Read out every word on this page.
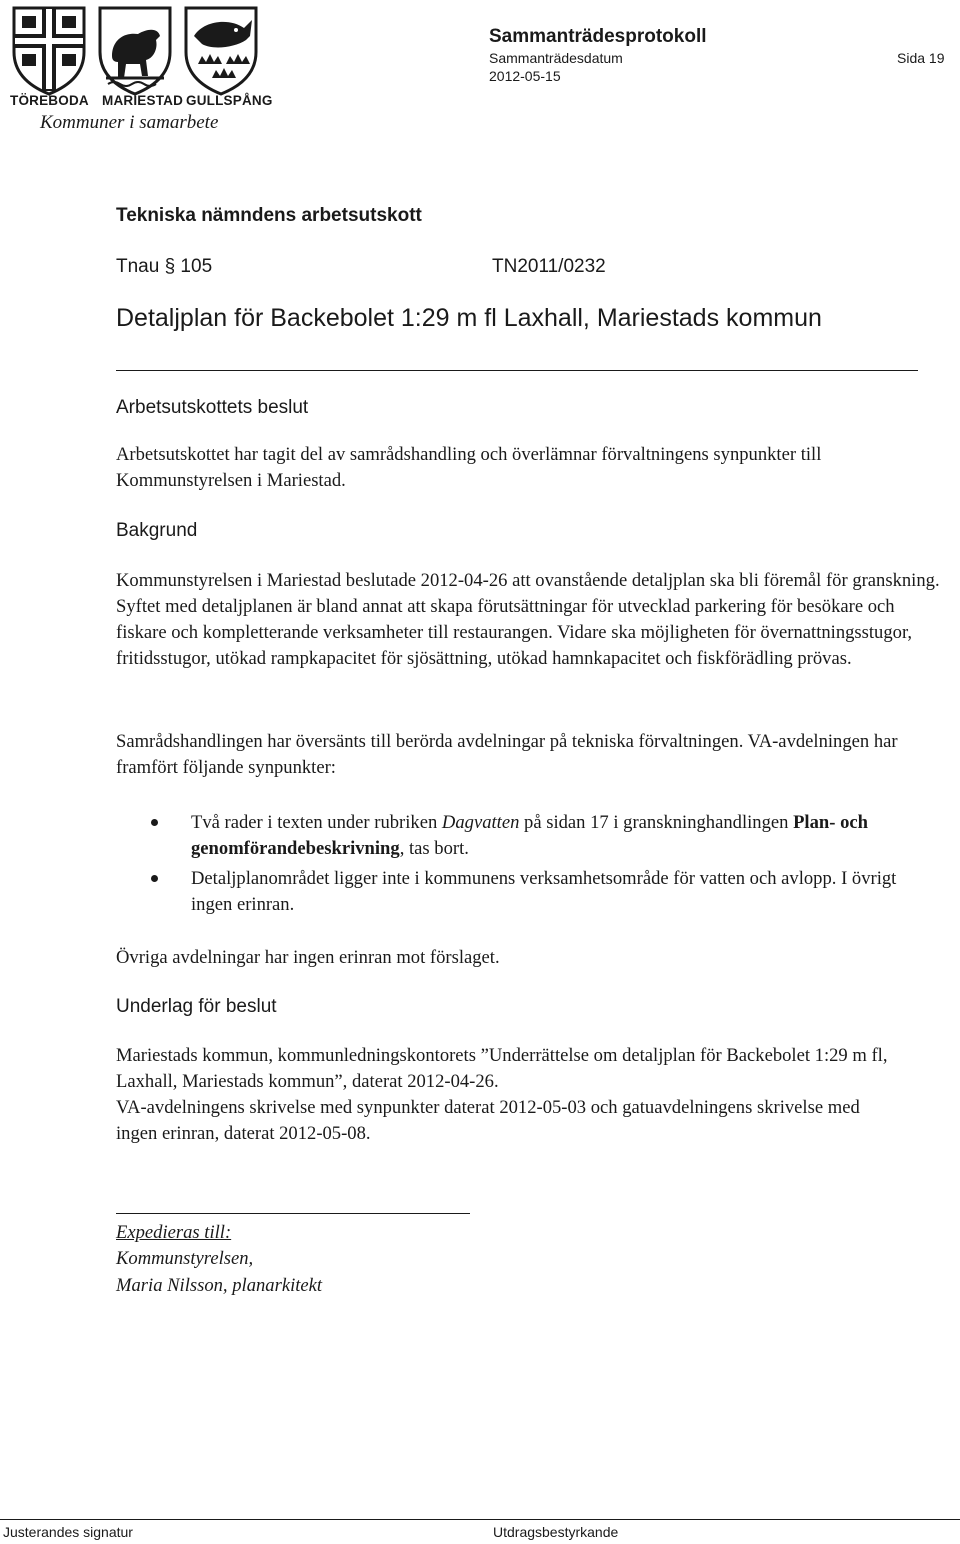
TÖREBODA MARIESTAD GULLSPÅNG
Kommuner i samarbete
Sammanträdesprotokoll
Sammanträdesdatum
2012-05-15
Sida 19
Tekniska nämndens arbetsutskott
Tnau § 105	TN2011/0232
Detaljplan för Backebolet 1:29 m fl Laxhall, Mariestads kommun
Arbetsutskottets beslut
Arbetsutskottet har tagit del av samrådshandling och överlämnar förvaltningens synpunkter till Kommunstyrelsen i Mariestad.
Bakgrund
Kommunstyrelsen i Mariestad beslutade 2012-04-26 att ovanstående detaljplan ska bli föremål för granskning. Syftet med detaljplanen är bland annat att skapa förutsättningar för utvecklad parkering för besökare och fiskare och kompletterande verksamheter till restaurangen. Vidare ska möjligheten för övernattningsstugor, fritidsstugor, utökad rampkapacitet för sjösättning, utökad hamnkapacitet och fiskförädling prövas.
Samrådshandlingen har översänts till berörda avdelningar på tekniska förvaltningen. VA-avdelningen har framfört följande synpunkter:
Två rader i texten under rubriken Dagvatten på sidan 17 i granskninghandlingen Plan- och genomförandebeskrivning, tas bort.
Detaljplanområdet ligger inte i kommunens verksamhetsområde för vatten och avlopp. I övrigt ingen erinran.
Övriga avdelningar har ingen erinran mot förslaget.
Underlag för beslut

Mariestads kommun, kommunledningskontorets ”Underrättelse om detaljplan för Backebolet 1:29 m fl, Laxhall, Mariestads kommun”, daterat 2012-04-26.

VA-avdelningens skrivelse med synpunkter daterat 2012-05-03 och gatuavdelningens skrivelse med ingen erinran, daterat 2012-05-08.

Expedieras till:
Kommunstyrelsen,
Maria Nilsson, planarkitekt
Justerandes signatur	Utdragsbestyrkande
